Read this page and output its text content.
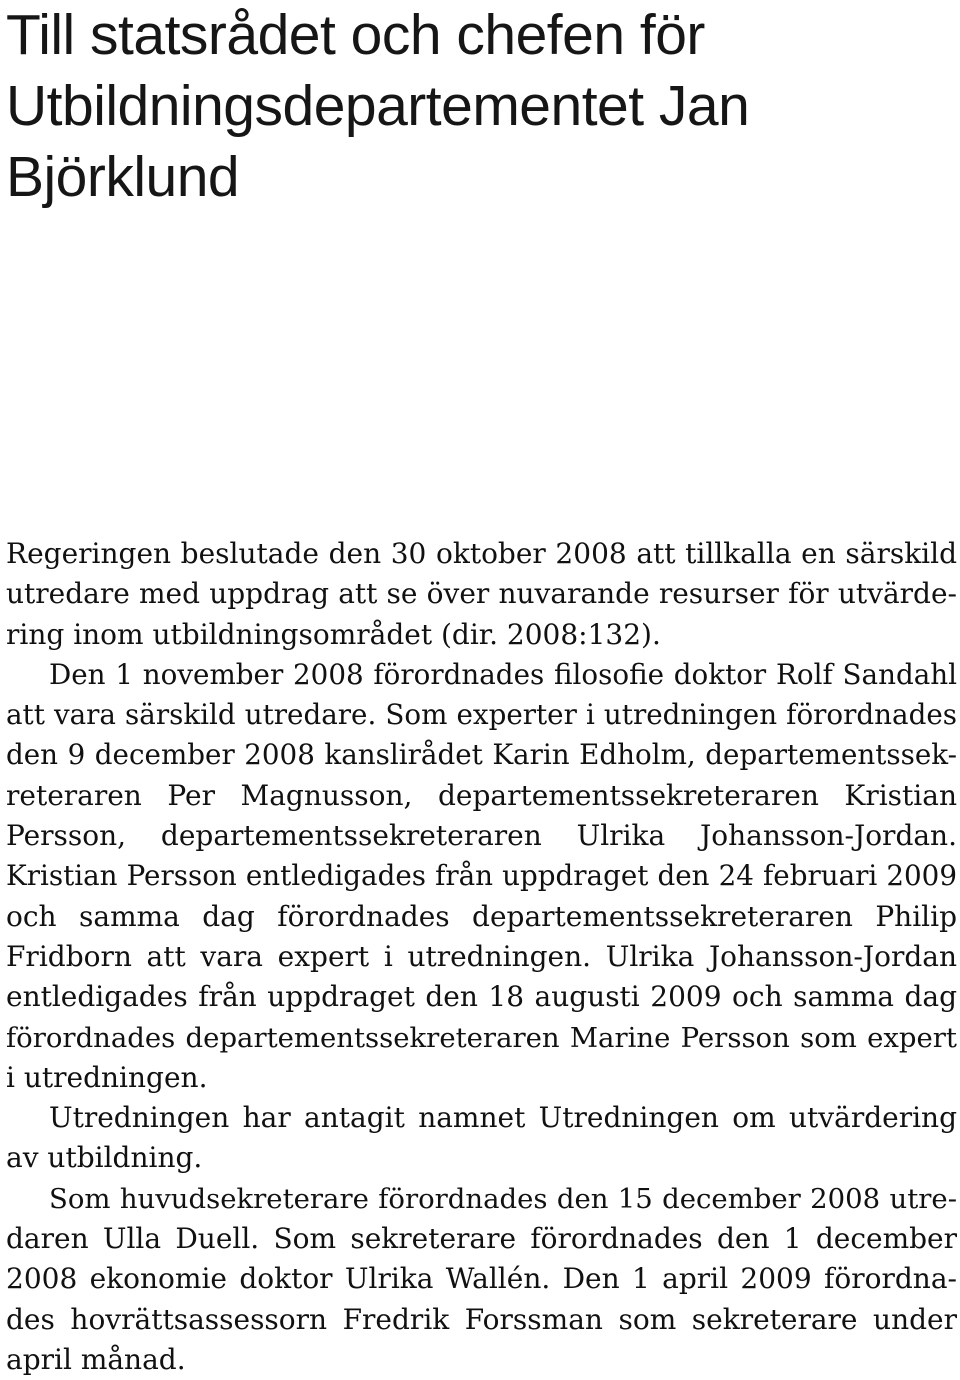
Till statsrådet och chefen för
Utbildningsdepartementet Jan
Björklund
Regeringen beslutade den 30 oktober 2008 att tillkalla en särskild
utredare med uppdrag att se över nuvarande resurser för utvärde-
ring inom utbildningsområdet (dir. 2008:132).
Den 1 november 2008 förordnades filosofie doktor Rolf Sandahl
att vara särskild utredare. Som experter i utredningen förordnades
den 9 december 2008 kanslirådet Karin Edholm, departementssek-
reteraren Per Magnusson, departementssekreteraren Kristian
Persson, departementssekreteraren Ulrika Johansson-Jordan.
Kristian Persson entledigades från uppdraget den 24 februari 2009
och samma dag förordnades departementssekreteraren Philip
Fridborn att vara expert i utredningen. Ulrika Johansson-Jordan
entledigades från uppdraget den 18 augusti 2009 och samma dag
förordnades departementssekreteraren Marine Persson som expert
i utredningen.
Utredningen har antagit namnet Utredningen om utvärdering
av utbildning.
Som huvudsekreterare förordnades den 15 december 2008 utre-
daren Ulla Duell. Som sekreterare förordnades den 1 december
2008 ekonomie doktor Ulrika Wallén. Den 1 april 2009 förordna-
des hovrättsassessorn Fredrik Forssman som sekreterare under
april månad.
